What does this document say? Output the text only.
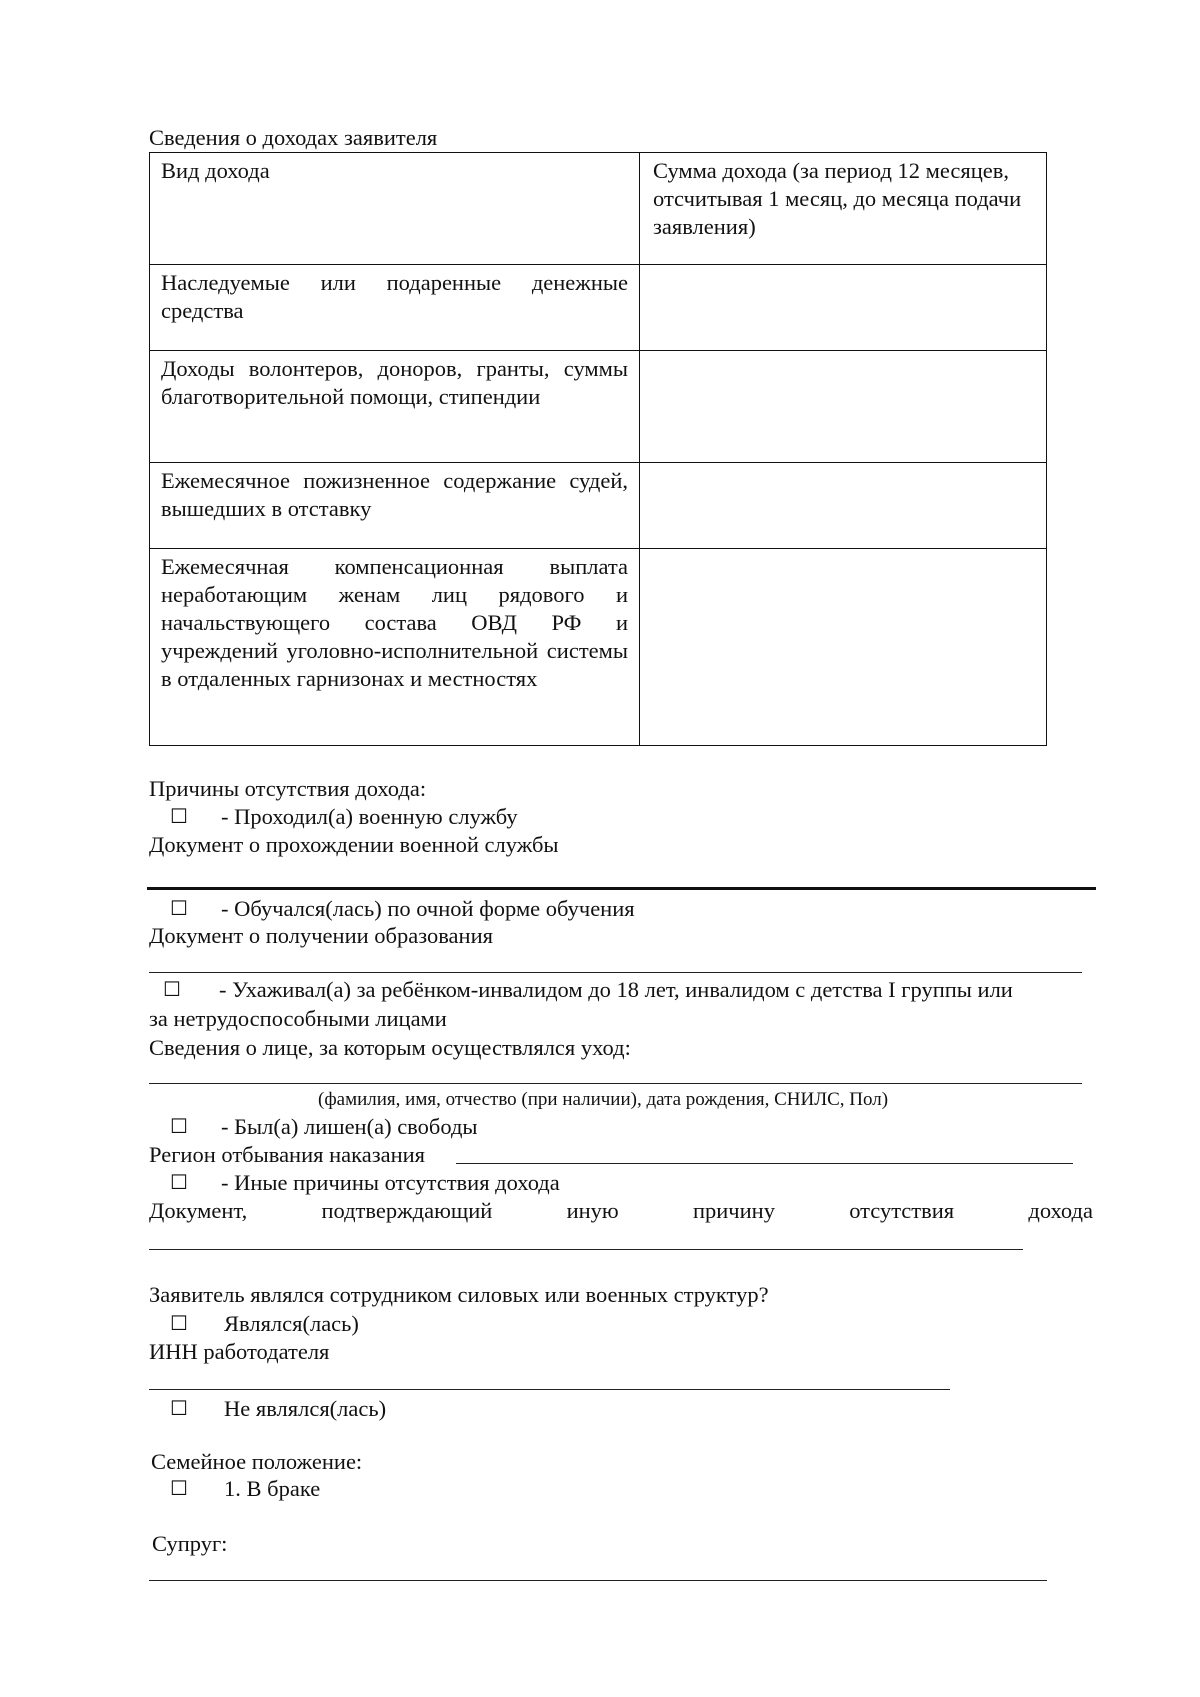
Сведения о доходах заявителя
Вид дохода	Сумма дохода (за период 12 месяцев, отсчитывая 1 месяц, до месяца подачи заявления)
Наследуемые или подаренные денежные средства	
Доходы волонтеров, доноров, гранты, суммы благотворительной помощи, стипендии	
Ежемесячное пожизненное содержание судей, вышедших в отставку	
Ежемесячная компенсационная выплата неработающим женам лиц рядового и начальствующего состава ОВД РФ и учреждений уголовно-исполнительной системы в отдаленных гарнизонах и местностях	
Причины отсутствия дохода:
☐ - Проходил(а) военную службу
Документ о прохождении военной службы
☐ - Обучался(лась) по очной форме обучения
Документ о получении образования
☐ - Ухаживал(а) за ребёнком-инвалидом до 18 лет, инвалидом с детства I группы или
за нетрудоспособными лицами
Сведения о лице, за которым осуществлялся уход:
(фамилия, имя, отчество (при наличии), дата рождения, СНИЛС, Пол)
☐ - Был(а) лишен(а) свободы
Регион отбывания наказания
☐ - Иные причины отсутствия дохода
Документ,	подтверждающий	иную	причину	отсутствия	дохода
Заявитель являлся сотрудником силовых или военных структур?
☐ Являлся(лась)
ИНН работодателя
☐ Не являлся(лась)
Семейное положение:
☐ 1. В браке
Супруг:
